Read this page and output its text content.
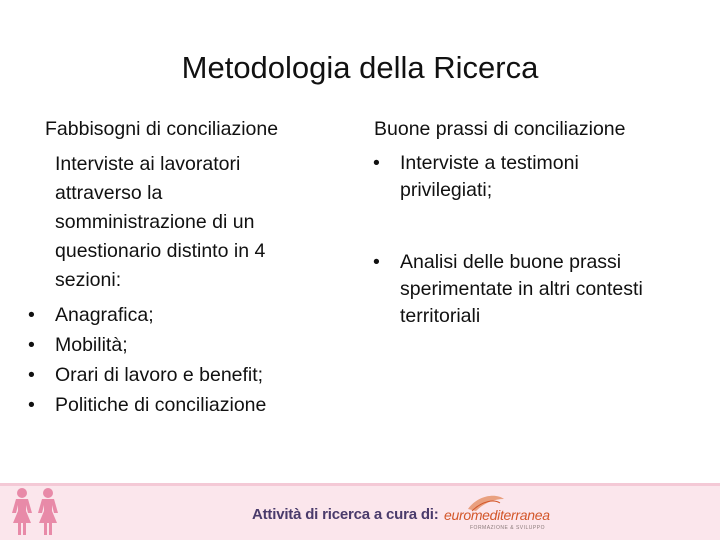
Metodologia della Ricerca
Fabbisogni di conciliazione	Buone prassi di conciliazione
Interviste ai lavoratori
attraverso la
somministrazione di un
questionario distinto in 4
sezioni:
•	Anagrafica;
•	Mobilità;
•	Orari di lavoro e benefit;
•	Politiche di conciliazione
•	Interviste a testimoni privilegiati;
•	Analisi delle buone prassi sperimentate in altri contesti territoriali
Attività di ricerca a cura di: euromediterranea
FORMAZIONE & SVILUPPO
